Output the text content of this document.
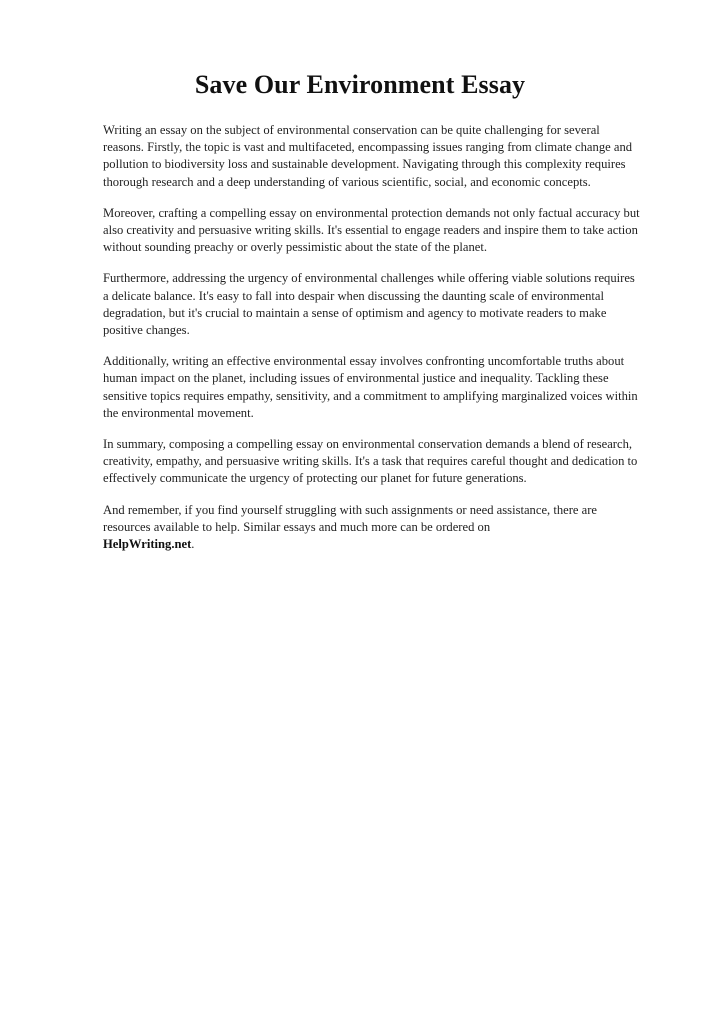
Save Our Environment Essay

Writing an essay on the subject of environmental conservation can be quite challenging for several reasons. Firstly, the topic is vast and multifaceted, encompassing issues ranging from climate change and pollution to biodiversity loss and sustainable development. Navigating through this complexity requires thorough research and a deep understanding of various scientific, social, and economic concepts.

Moreover, crafting a compelling essay on environmental protection demands not only factual accuracy but also creativity and persuasive writing skills. It's essential to engage readers and inspire them to take action without sounding preachy or overly pessimistic about the state of the planet.

Furthermore, addressing the urgency of environmental challenges while offering viable solutions requires a delicate balance. It's easy to fall into despair when discussing the daunting scale of environmental degradation, but it's crucial to maintain a sense of optimism and agency to motivate readers to make positive changes.

Additionally, writing an effective environmental essay involves confronting uncomfortable truths about human impact on the planet, including issues of environmental justice and inequality. Tackling these sensitive topics requires empathy, sensitivity, and a commitment to amplifying marginalized voices within the environmental movement.

In summary, composing a compelling essay on environmental conservation demands a blend of research, creativity, empathy, and persuasive writing skills. It's a task that requires careful thought and dedication to effectively communicate the urgency of protecting our planet for future generations.

And remember, if you find yourself struggling with such assignments or need assistance, there are resources available to help. Similar essays and much more can be ordered on
HelpWriting.net.
